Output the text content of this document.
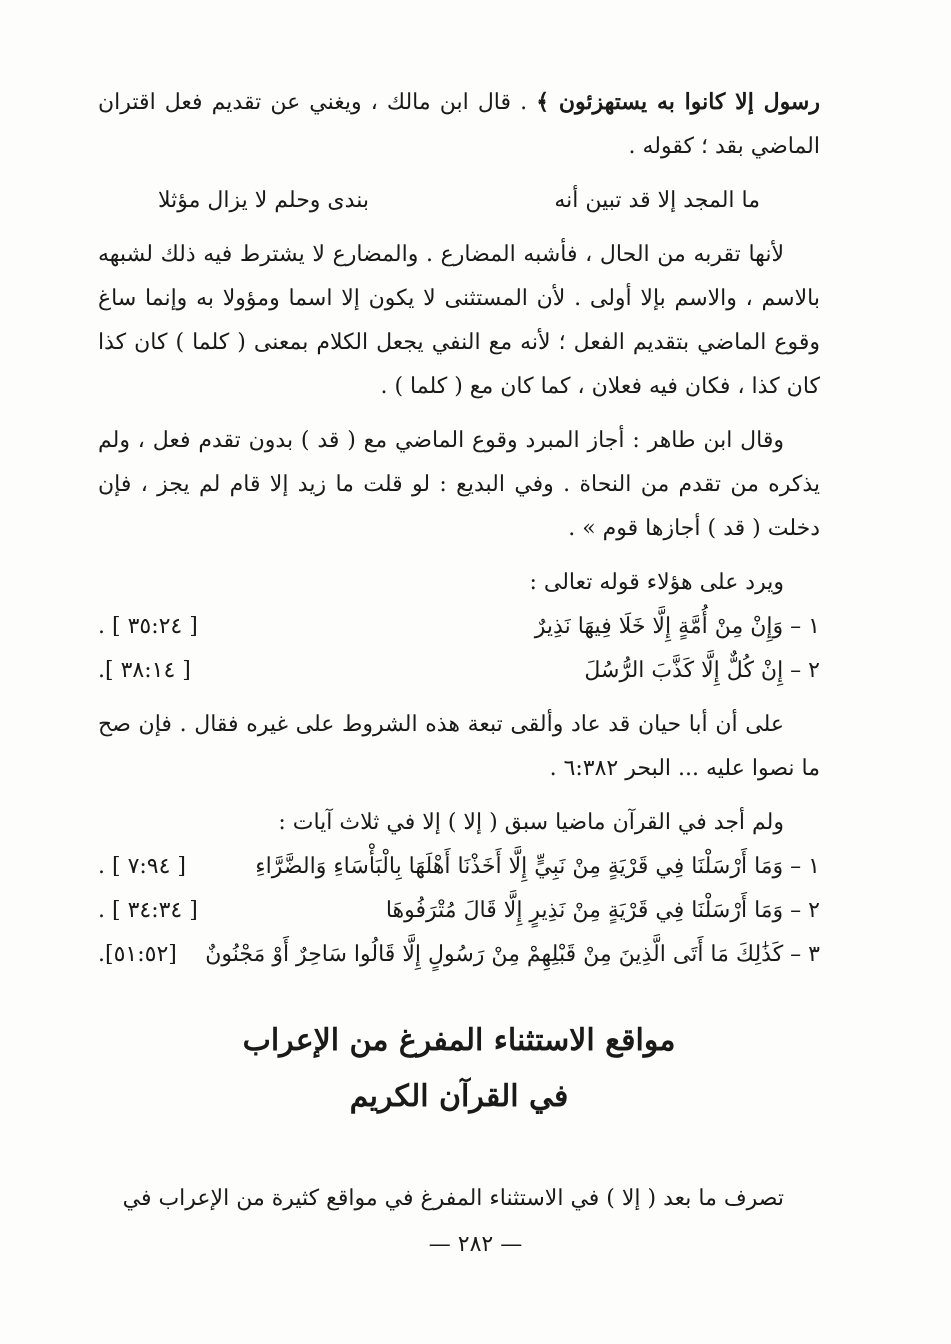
رسول إلا كانوا به يستهزئون ﴾ . قال ابن مالك ، ويغني عن تقديم فعل اقتران الماضي بقد ؛ كقوله .

ما المجد إلا قد تبين أنه
بندى وحلم لا يزال مؤثلا

لأنها تقربه من الحال ، فأشبه المضارع . والمضارع لا يشترط فيه ذلك لشبهه بالاسم ، والاسم بإلا أولى . لأن المستثنى لا يكون إلا اسما ومؤولا به وإنما ساغ وقوع الماضي بتقديم الفعل ؛ لأنه مع النفي يجعل الكلام بمعنى ( كلما ) كان كذا كان كذا ، فكان فيه فعلان ، كما كان مع ( كلما ) .

وقال ابن طاهر : أجاز المبرد وقوع الماضي مع ( قد ) بدون تقدم فعل ، ولم يذكره من تقدم من النحاة . وفي البديع : لو قلت ما زيد إلا قام لم يجز ، فإن دخلت ( قد ) أجازها قوم » .

ويرد على هؤلاء قوله تعالى :

١ – وَإِنْ مِنْ أُمَّةٍ إِلَّا خَلَا فِيهَا نَذِيرٌ
[ ٣٥:٢٤ ] .
٢ – إِنْ كُلٌّ إِلَّا كَذَّبَ الرُّسُلَ
[ ٣٨:١٤ ].

على أن أبا حيان قد عاد وألقى تبعة هذه الشروط على غيره فقال . فإن صح ما نصوا عليه ... البحر ٦:٣٨٢ .

ولم أجد في القرآن ماضيا سبق ( إلا ) إلا في ثلاث آيات :

١ – وَمَا أَرْسَلْنَا فِي قَرْيَةٍ مِنْ نَبِيٍّ إِلَّا أَخَذْنَا أَهْلَهَا بِالْبَأْسَاءِ وَالضَّرَّاءِ
[ ٧:٩٤ ] .
٢ – وَمَا أَرْسَلْنَا فِي قَرْيَةٍ مِنْ نَذِيرٍ إِلَّا قَالَ مُتْرَفُوهَا
[ ٣٤:٣٤ ] .
٣ – كَذَٰلِكَ مَا أَتَى الَّذِينَ مِنْ قَبْلِهِمْ مِنْ رَسُولٍ إِلَّا قَالُوا سَاحِرٌ أَوْ مَجْنُونٌ
[٥١:٥٢].

مواقع الاستثناء المفرغ من الإعراب

في القرآن الكريم

تصرف ما بعد ( إلا ) في الاستثناء المفرغ في مواقع كثيرة من الإعراب في

— ٢٨٢ —
